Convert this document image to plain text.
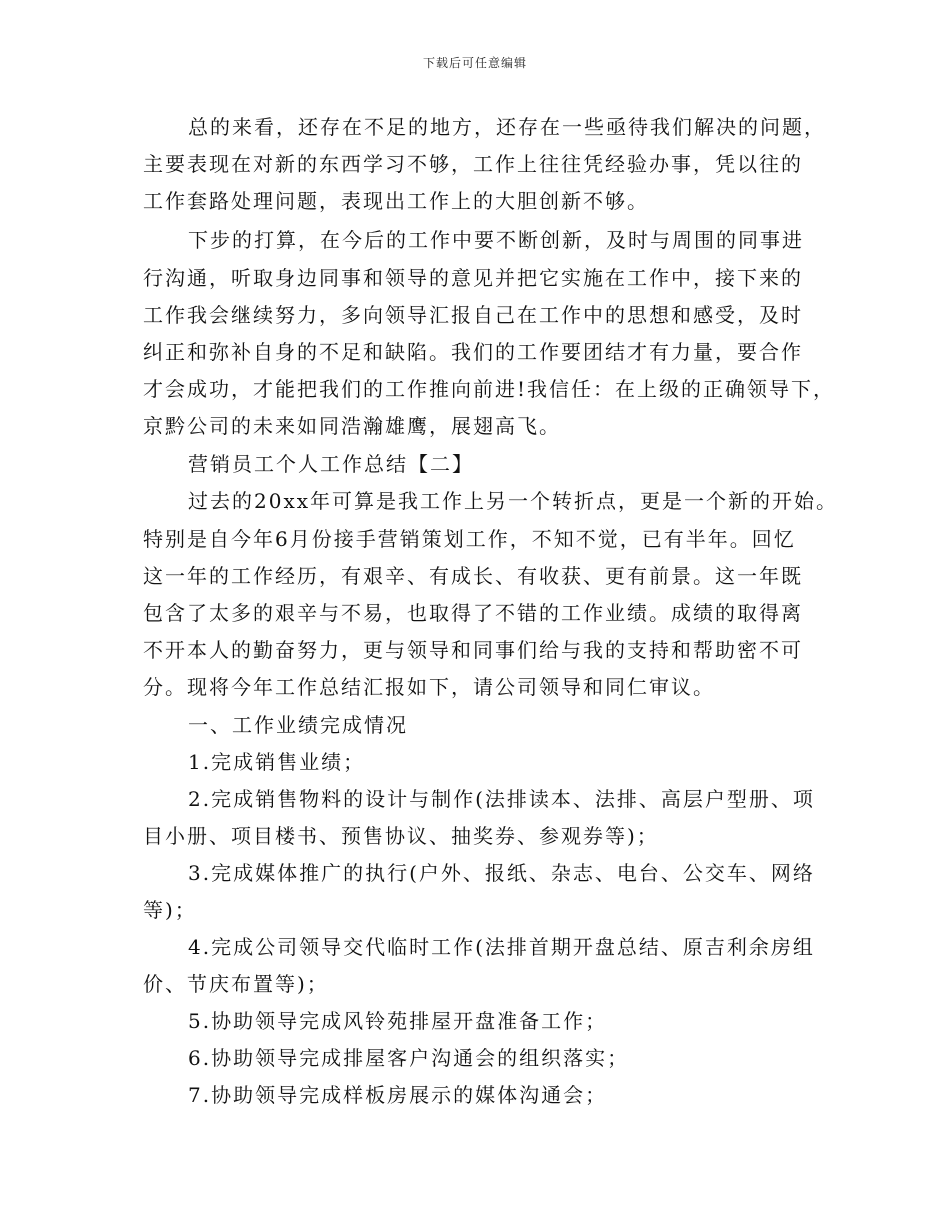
下载后可任意编辑
总的来看，还存在不足的地方，还存在一些亟待我们解决的问题，
主要表现在对新的东西学习不够，工作上往往凭经验办事，凭以往的
工作套路处理问题，表现出工作上的大胆创新不够。
下步的打算，在今后的工作中要不断创新，及时与周围的同事进
行沟通，听取身边同事和领导的意见并把它实施在工作中，接下来的
工作我会继续努力，多向领导汇报自己在工作中的思想和感受，及时
纠正和弥补自身的不足和缺陷。我们的工作要团结才有力量，要合作
才会成功，才能把我们的工作推向前进!我信任：在上级的正确领导下，
京黔公司的未来如同浩瀚雄鹰，展翅高飞。
营销员工个人工作总结【二】
过去的20xx年可算是我工作上另一个转折点，更是一个新的开始。
特别是自今年6月份接手营销策划工作，不知不觉，已有半年。回忆
这一年的工作经历，有艰辛、有成长、有收获、更有前景。这一年既
包含了太多的艰辛与不易，也取得了不错的工作业绩。成绩的取得离
不开本人的勤奋努力，更与领导和同事们给与我的支持和帮助密不可
分。现将今年工作总结汇报如下，请公司领导和同仁审议。
一、工作业绩完成情况
1.完成销售业绩；
2.完成销售物料的设计与制作(法排读本、法排、高层户型册、项
目小册、项目楼书、预售协议、抽奖券、参观券等)；
3.完成媒体推广的执行(户外、报纸、杂志、电台、公交车、网络
等)；
4.完成公司领导交代临时工作(法排首期开盘总结、原吉利余房组
价、节庆布置等)；
5.协助领导完成风铃苑排屋开盘准备工作；
6.协助领导完成排屋客户沟通会的组织落实；
7.协助领导完成样板房展示的媒体沟通会；
